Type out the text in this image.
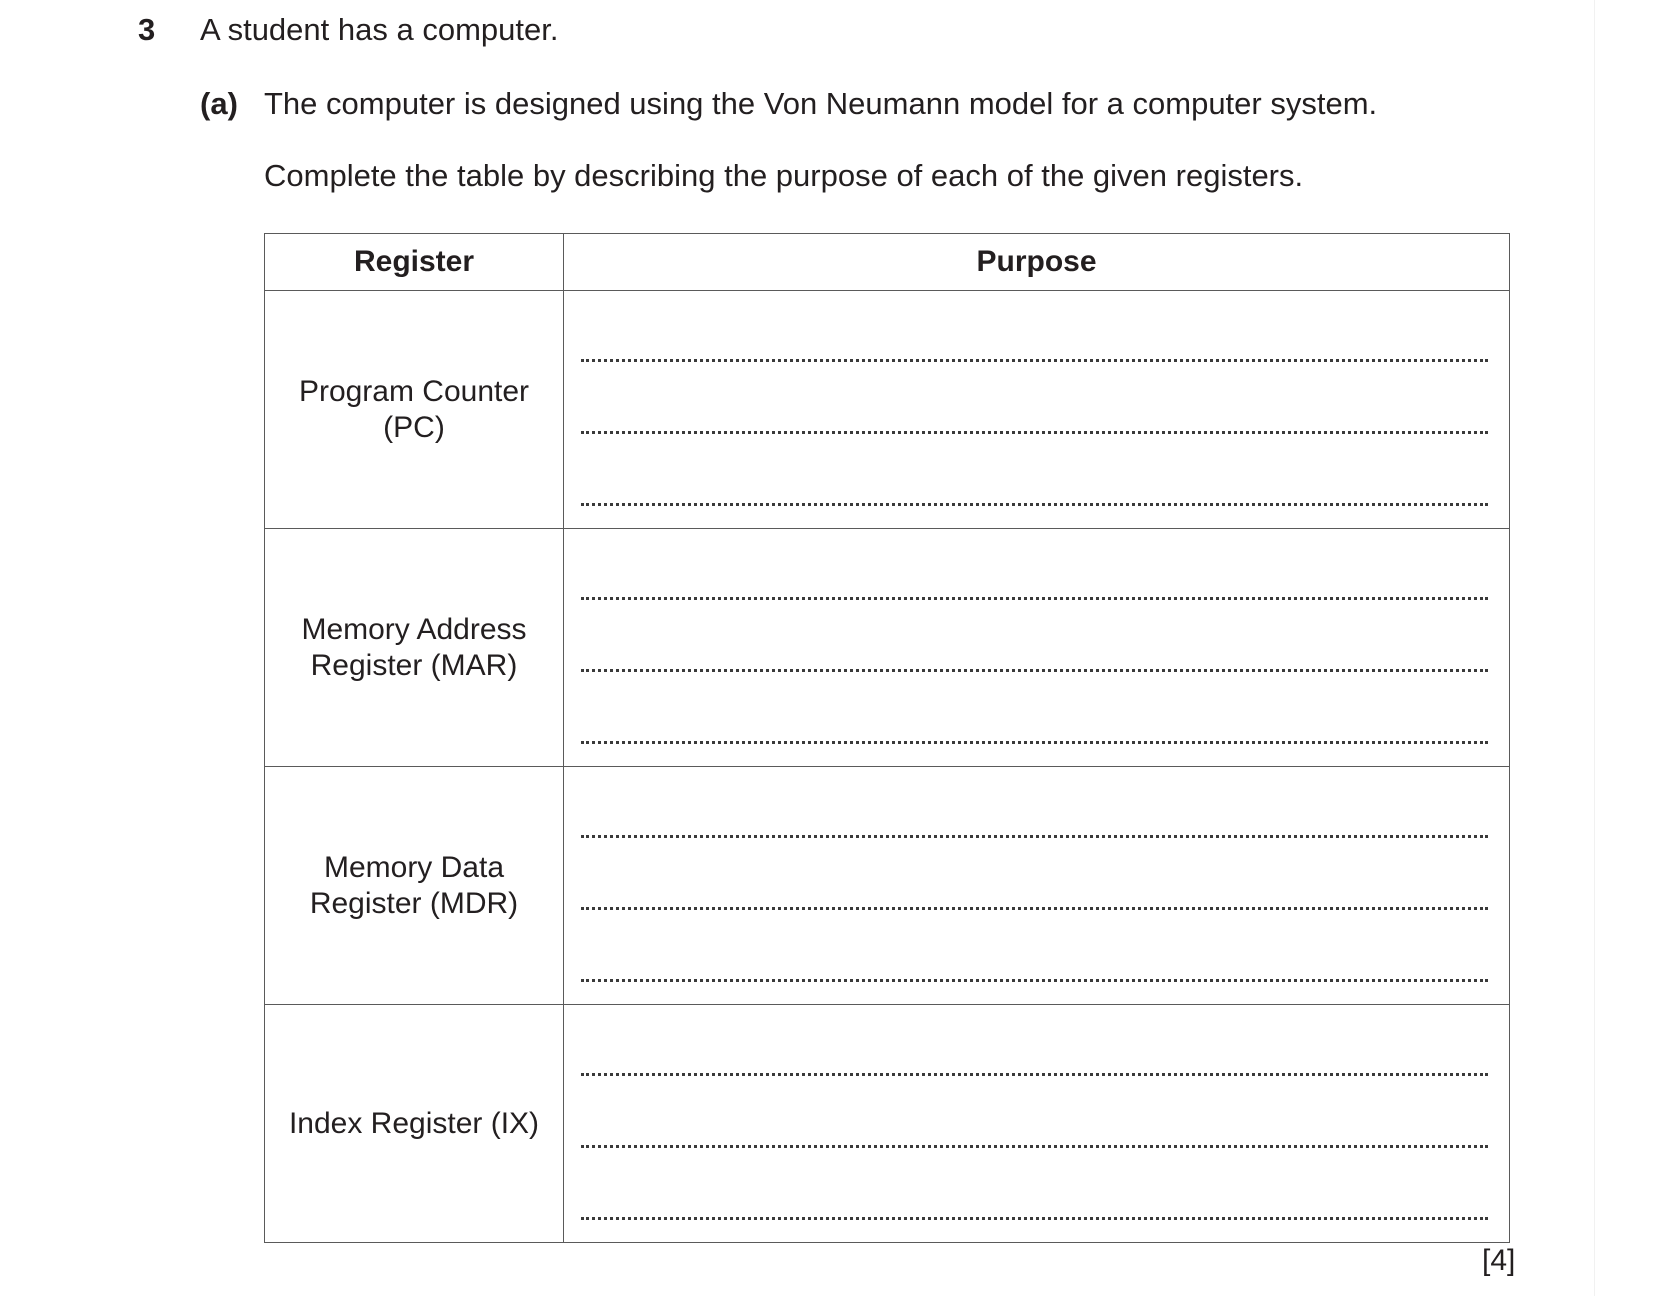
3 A student has a computer.
(a) The computer is designed using the Von Neumann model for a computer system.
Complete the table by describing the purpose of each of the given registers.
Register	Purpose

Program Counter
(PC)	

Memory Address
Register (MAR)	

Memory Data
Register (MDR)	

Index Register (IX)	

[4]
